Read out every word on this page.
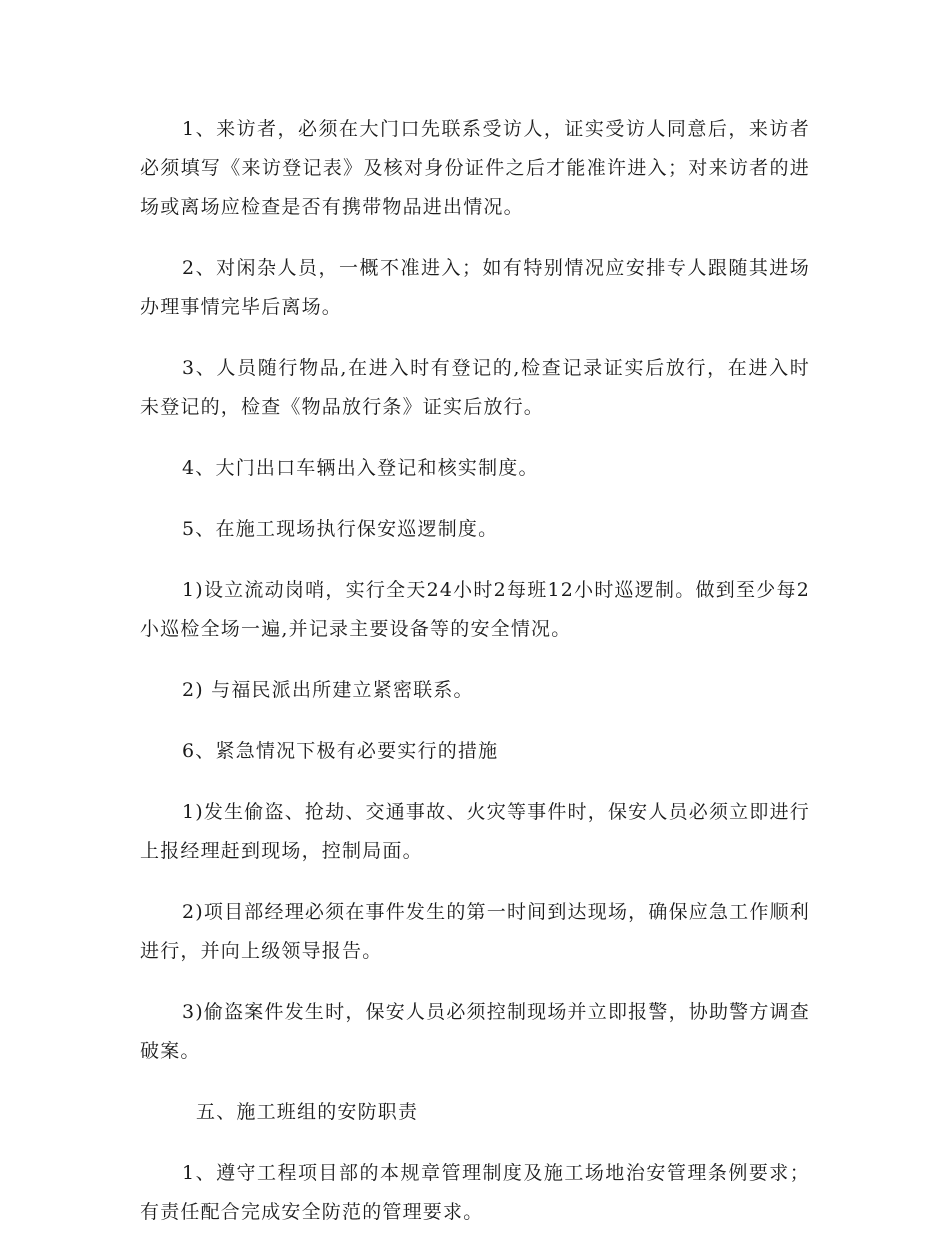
1、来访者，必须在大门口先联系受访人，证实受访人同意后，来访者必须填写《来访登记表》及核对身份证件之后才能准许进入；对来访者的进场或离场应检查是否有携带物品进出情况。

2、对闲杂人员，一概不准进入；如有特别情况应安排专人跟随其进场办理事情完毕后离场。

3、人员随行物品,在进入时有登记的,检查记录证实后放行，在进入时未登记的，检查《物品放行条》证实后放行。

4、大门出口车辆出入登记和核实制度。

5、在施工现场执行保安巡逻制度。

1)设立流动岗哨，实行全天24小时2每班12小时巡逻制。做到至少每2小巡检全场一遍,并记录主要设备等的安全情况。

2) 与福民派出所建立紧密联系。

6、紧急情况下极有必要实行的措施

1)发生偷盗、抢劫、交通事故、火灾等事件时，保安人员必须立即进行上报经理赶到现场，控制局面。

2)项目部经理必须在事件发生的第一时间到达现场，确保应急工作顺利进行，并向上级领导报告。

3)偷盗案件发生时，保安人员必须控制现场并立即报警，协助警方调查破案。

五、施工班组的安防职责

1、遵守工程项目部的本规章管理制度及施工场地治安管理条例要求；有责任配合完成安全防范的管理要求。
